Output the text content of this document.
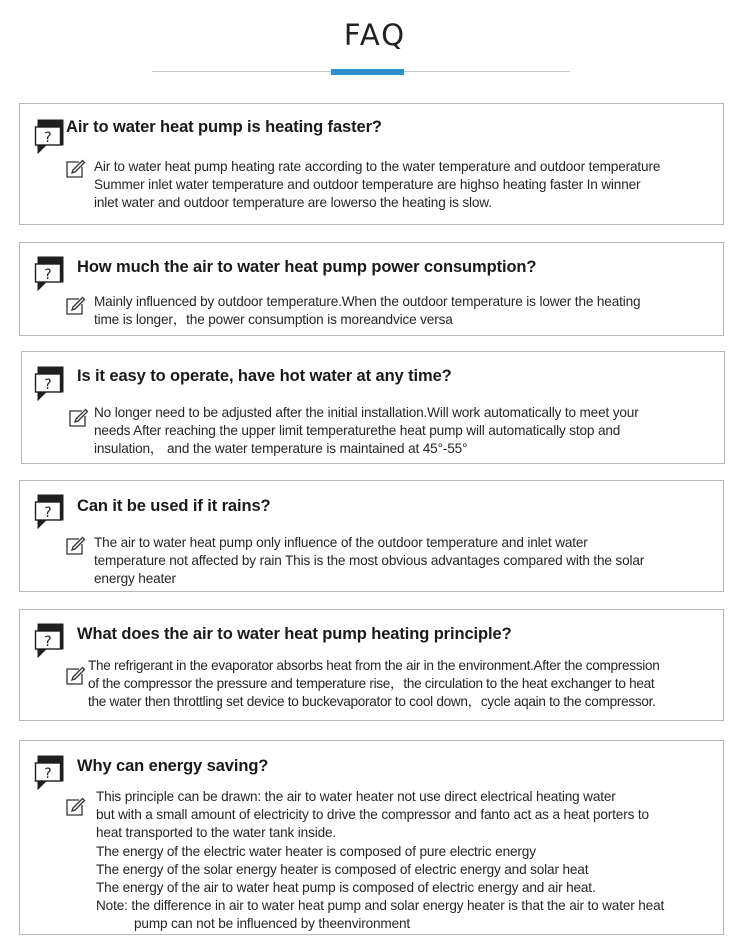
FAQ
?
Air to water heat pump is heating faster?
Air to water heat pump heating rate according to the water temperature and outdoor temperature
Summer inlet water temperature and outdoor temperature are highso heating faster In winner
inlet water and outdoor temperature are lowerso the heating is slow.
? How much the air to water heat pump power consumption?
Mainly influenced by outdoor temperature.When the outdoor temperature is lower the heating
time is longer，the power consumption is moreandvice versa
? Is it easy to operate, have hot water at any time?
No longer need to be adjusted after the initial installation.Will work automatically to meet your
needs After reaching the upper limit temperaturethe heat pump will automatically stop and
insulation， and the water temperature is maintained at 45°-55°
? Can it be used if it rains?
The air to water heat pump only influence of the outdoor temperature and inlet water
temperature not affected by rain This is the most obvious advantages compared with the solar
energy heater
? What does the air to water heat pump heating principle?
The refrigerant in the evaporator absorbs heat from the air in the environment.After the compression
of the compressor the pressure and temperature rise，the circulation to the heat exchanger to heat
the water then throttling set device to buckevaporator to cool down，cycle aqain to the compressor.
? Why can energy saving?
This principle can be drawn: the air to water heater not use direct electrical heating water
but with a small amount of electricity to drive the compressor and fanto act as a heat porters to
heat transported to the water tank inside.
The energy of the electric water heater is composed of pure electric energy
The energy of the solar energy heater is composed of electric energy and solar heat
The energy of the air to water heat pump is composed of electric energy and air heat.
Note: the difference in air to water heat pump and solar energy heater is that the air to water heat
pump can not be influenced by theenvironment
